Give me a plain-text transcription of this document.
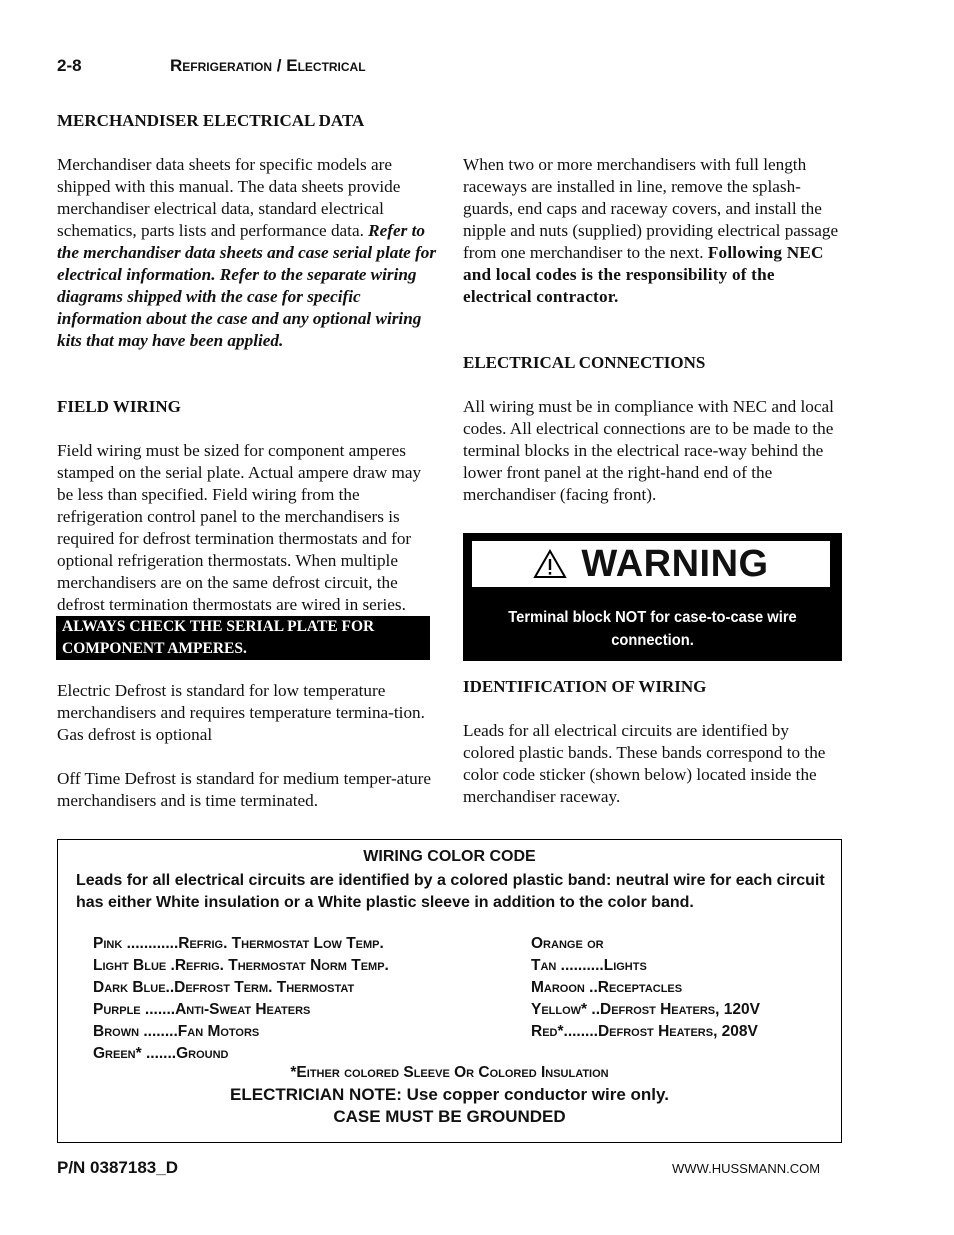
2-8	Refrigeration / Electrical

MERCHANDISER ELECTRICAL DATA

Merchandiser data sheets for specific models are shipped with this manual. The data sheets provide merchandiser electrical data, standard electrical schematics, parts lists and performance data. Refer to the merchandiser data sheets and case serial plate for electrical information. Refer to the separate wiring diagrams shipped with the case for specific information about the case and any optional wiring kits that may have been applied.

FIELD WIRING

Field wiring must be sized for component amperes stamped on the serial plate. Actual ampere draw may be less than specified. Field wiring from the refrigeration control panel to the merchandisers is required for defrost termination thermostats and for optional refrigeration thermostats. When multiple merchandisers are on the same defrost circuit, the defrost termination thermostats are wired in series.

ALWAYS CHECK THE SERIAL PLATE FOR COMPONENT AMPERES.

Electric Defrost is standard for low temperature merchandisers and requires temperature termina-tion. Gas defrost is optional

Off Time Defrost is standard for medium temper-ature merchandisers and is time terminated.

When two or more merchandisers with full length raceways are installed in line, remove the splash-guards, end caps and raceway covers, and install the nipple and nuts (supplied) providing electrical passage from one merchandiser to the next. Following NEC and local codes is the responsibility of the electrical contractor.

ELECTRICAL CONNECTIONS

All wiring must be in compliance with NEC and local codes. All electrical connections are to be made to the terminal blocks in the electrical race-way behind the lower front panel at the right-hand end of the merchandiser (facing front).

WARNING
Terminal block NOT for case-to-case wire connection.

IDENTIFICATION OF WIRING

Leads for all electrical circuits are identified by colored plastic bands. These bands correspond to the color code sticker (shown below) located inside the merchandiser raceway.

WIRING COLOR CODE
Leads for all electrical circuits are identified by a colored plastic band: neutral wire for each circuit has either White insulation or a White plastic sleeve in addition to the color band.
Pink ............Refrig. Thermostat Low Temp.
Light Blue .Refrig. Thermostat Norm Temp.
Dark Blue..Defrost Term. Thermostat
Purple .......Anti-Sweat Heaters
Brown ........Fan Motors
Green* .......Ground
Orange or
Tan ..........Lights
Maroon ..Receptacles
Yellow* ..Defrost Heaters, 120V
Red*........Defrost Heaters, 208V
*Either colored Sleeve Or Colored Insulation
ELECTRICIAN NOTE: Use copper conductor wire only.
CASE MUST BE GROUNDED
P/N 0387183_D	WWW.HUSSMANN.COM
